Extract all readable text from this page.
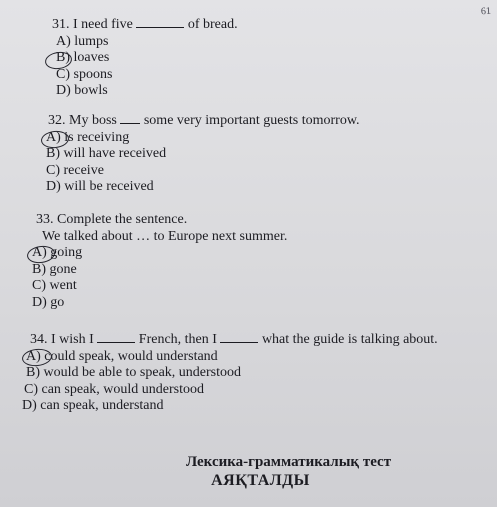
61
31. I need five	of bread.
A) lumps
B) loaves
C) spoons
D) bowls
32. My boss some very important guests tomorrow.
A) is receiving
B) will have received
C) receive
D) will be received
33. Complete the sentence.
We talked about … to Europe next summer.
A) going
B) gone
C) went
D) go
34. I wish I	French, then I	what the guide is talking about.
A) could speak, would understand
B) would be able to speak, understood
C) can speak, would understood
D) can speak, understand
Лексика-грамматикалық тест
АЯҚТАЛДЫ
